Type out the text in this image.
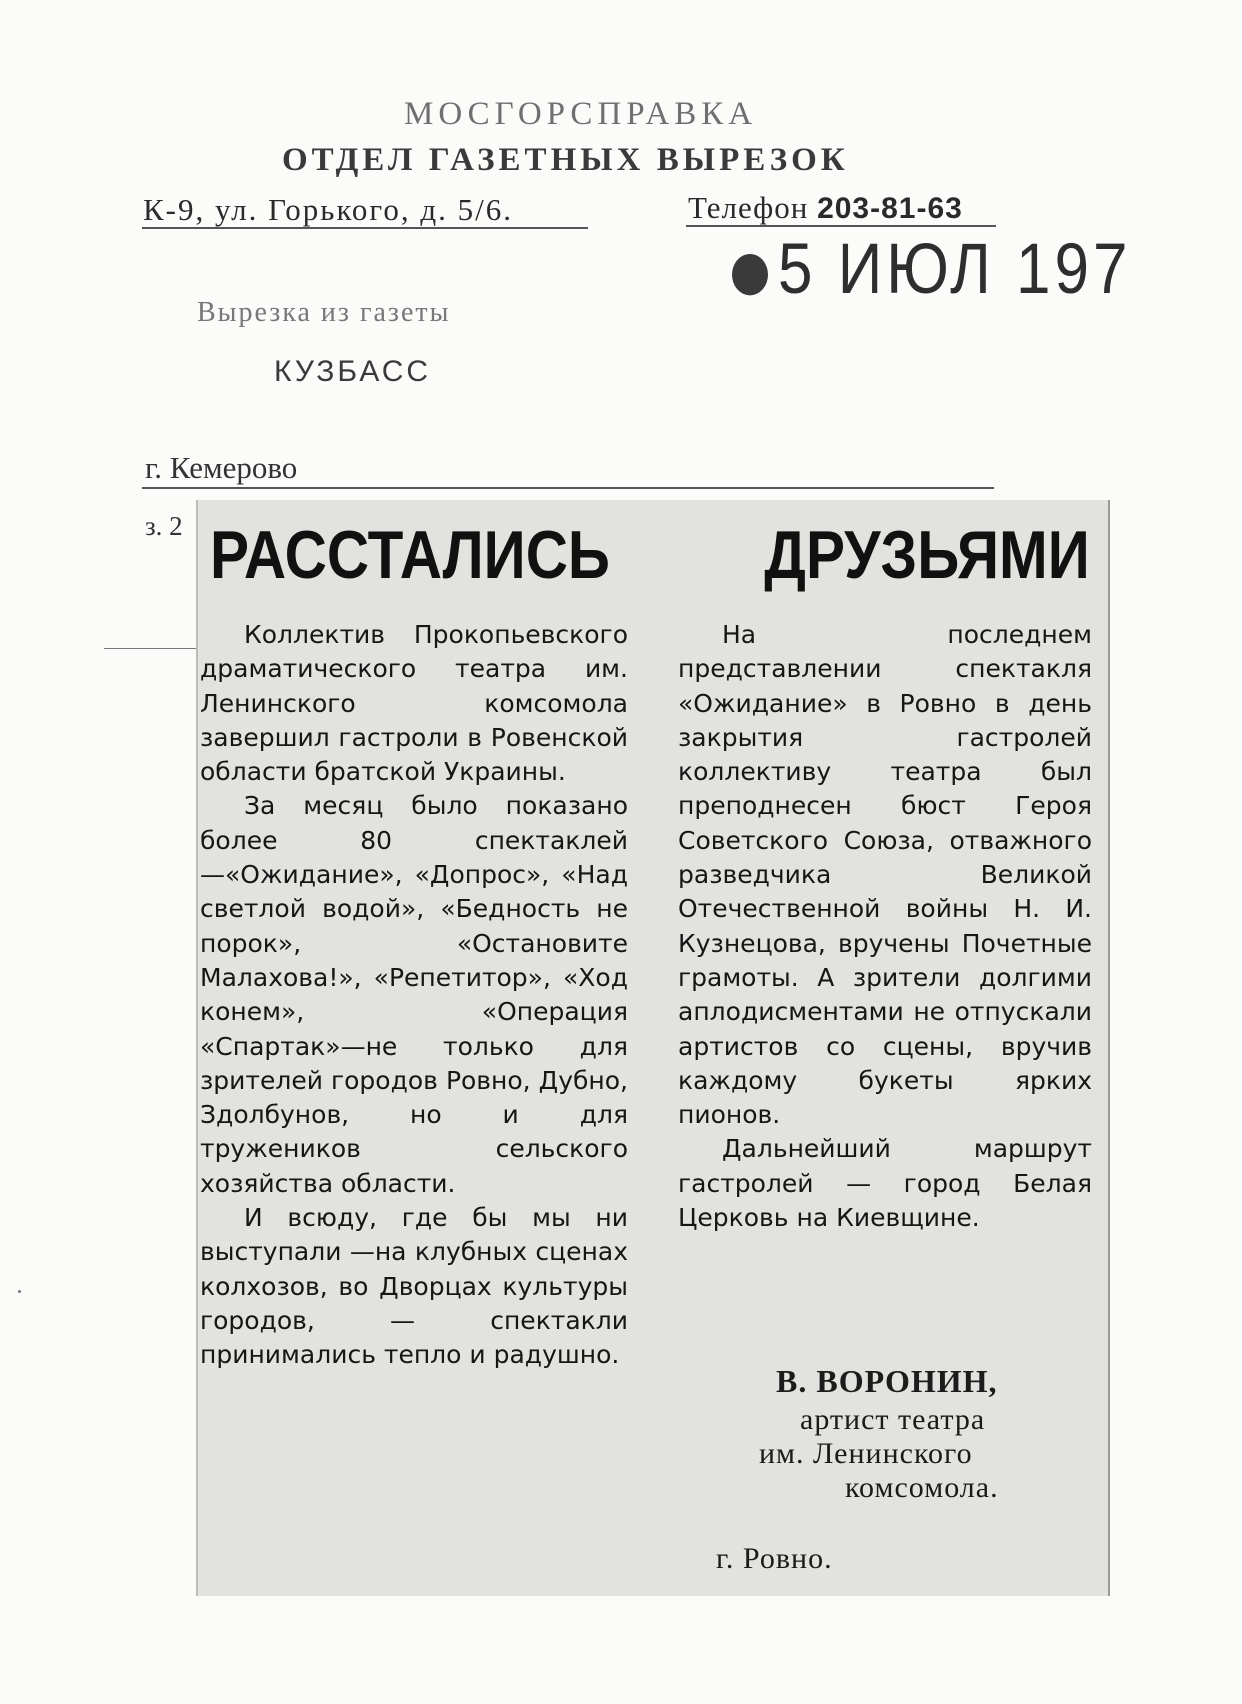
МОСГОРСПРАВКА
ОТДЕЛ ГАЗЕТНЫХ ВЫРЕЗОК
К-9, ул. Горького, д. 5/6.	Телефон 203-81-63
5 ИЮЛ 197
Вырезка из газеты
КУЗБАСС
г. Кемерово
з. 2 РАССТАЛИСЬ ДРУЗЬЯМИ

Коллектив Прокопьевского драматического театра им. Ленинского комсомола завершил гастроли в Ровенской области братской Украины.

За месяц было показано более 80 спектаклей—«Ожидание», «Допрос», «Над светлой водой», «Бедность не порок», «Остановите Малахова!», «Репетитор», «Ход конем», «Операция «Спартак»—не только для зрителей городов Ровно, Дубно, Здолбунов, но и для тружеников сельского хозяйства области.

И всюду, где бы мы ни выступали —на клубных сценах колхозов, во Дворцах культуры городов, — спектакли принимались тепло и радушно.

На последнем представлении спектакля «Ожидание» в Ровно в день закрытия гастролей коллективу театра был преподнесен бюст Героя Советского Союза, отважного разведчика Великой Отечественной войны Н. И. Кузнецова, вручены Почетные грамоты. А зрители долгими аплодисментами не отпускали артистов со сцены, вручив каждому букеты ярких пионов.

Дальнейший маршрут гастролей — город Белая Церковь на Киевщине.

В. ВОРОНИН,
артист театра
им. Ленинского
комсомола.
г. Ровно.
